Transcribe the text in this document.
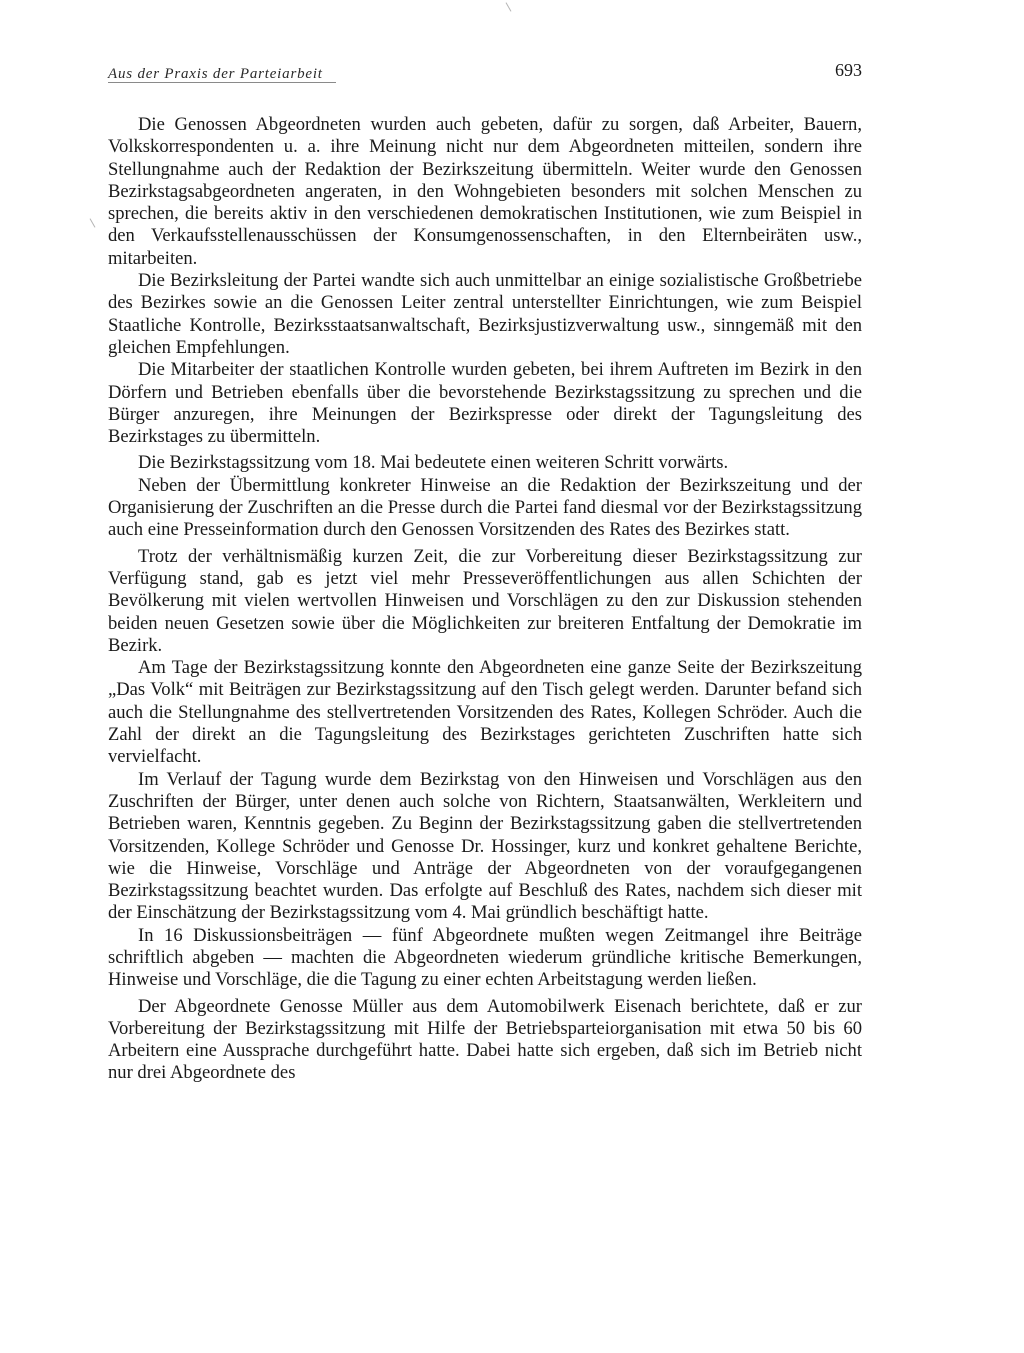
Aus der Praxis der Parteiarbeit	693

Die Genossen Abgeordneten wurden auch gebeten, dafür zu sorgen, daß Arbeiter, Bauern, Volkskorrespondenten u. a. ihre Meinung nicht nur dem Abgeordneten mitteilen, sondern ihre Stellungnahme auch der Redaktion der Bezirkszeitung übermitteln. Weiter wurde den Genossen Bezirkstagsabgeordneten angeraten, in den Wohngebieten besonders mit solchen Menschen zu sprechen, die bereits aktiv in den verschiedenen demokratischen Institutionen, wie zum Beispiel in den Verkaufsstellenausschüssen der Konsumgenossenschaften, in den Elternbeiräten usw., mitarbeiten.

Die Bezirksleitung der Partei wandte sich auch unmittelbar an einige sozialistische Großbetriebe des Bezirkes sowie an die Genossen Leiter zentral unterstellter Einrichtungen, wie zum Beispiel Staatliche Kontrolle, Bezirksstaatsanwaltschaft, Bezirksjustizverwaltung usw., sinngemäß mit den gleichen Empfehlungen.

Die Mitarbeiter der staatlichen Kontrolle wurden gebeten, bei ihrem Auftreten im Bezirk in den Dörfern und Betrieben ebenfalls über die bevorstehende Bezirkstagssitzung zu sprechen und die Bürger anzuregen, ihre Meinungen der Bezirkspresse oder direkt der Tagungsleitung des Bezirkstages zu übermitteln.

Die Bezirkstagssitzung vom 18. Mai bedeutete einen weiteren Schritt vorwärts.

Neben der Übermittlung konkreter Hinweise an die Redaktion der Bezirkszeitung und der Organisierung der Zuschriften an die Presse durch die Partei fand diesmal vor der Bezirkstagssitzung auch eine Presseinformation durch den Genossen Vorsitzenden des Rates des Bezirkes statt.

Trotz der verhältnismäßig kurzen Zeit, die zur Vorbereitung dieser Bezirkstagssitzung zur Verfügung stand, gab es jetzt viel mehr Presseveröffentlichungen aus allen Schichten der Bevölkerung mit vielen wertvollen Hinweisen und Vorschlägen zu den zur Diskussion stehenden beiden neuen Gesetzen sowie über die Möglichkeiten zur breiteren Entfaltung der Demokratie im Bezirk.

Am Tage der Bezirkstagssitzung konnte den Abgeordneten eine ganze Seite der Bezirkszeitung „Das Volk“ mit Beiträgen zur Bezirkstagssitzung auf den Tisch gelegt werden. Darunter befand sich auch die Stellungnahme des stellvertretenden Vorsitzenden des Rates, Kollegen Schröder. Auch die Zahl der direkt an die Tagungsleitung des Bezirkstages gerichteten Zuschriften hatte sich vervielfacht.

Im Verlauf der Tagung wurde dem Bezirkstag von den Hinweisen und Vorschlägen aus den Zuschriften der Bürger, unter denen auch solche von Richtern, Staatsanwälten, Werkleitern und Betrieben waren, Kenntnis gegeben. Zu Beginn der Bezirkstagssitzung gaben die stellvertretenden Vorsitzenden, Kollege Schröder und Genosse Dr. Hossinger, kurz und konkret gehaltene Berichte, wie die Hinweise, Vorschläge und Anträge der Abgeordneten von der voraufgegangenen Bezirkstagssitzung beachtet wurden. Das erfolgte auf Beschluß des Rates, nachdem sich dieser mit der Einschätzung der Bezirkstagssitzung vom 4. Mai gründlich beschäftigt hatte.

In 16 Diskussionsbeiträgen — fünf Abgeordnete mußten wegen Zeitmangel ihre Beiträge schriftlich abgeben — machten die Abgeordneten wiederum gründliche kritische Bemerkungen, Hinweise und Vorschläge, die die Tagung zu einer echten Arbeitstagung werden ließen.

Der Abgeordnete Genosse Müller aus dem Automobilwerk Eisenach berichtete, daß er zur Vorbereitung der Bezirkstagssitzung mit Hilfe der Betriebsparteiorganisation mit etwa 50 bis 60 Arbeitern eine Aussprache durchgeführt hatte. Dabei hatte sich ergeben, daß sich im Betrieb nicht nur drei Abgeordnete des
